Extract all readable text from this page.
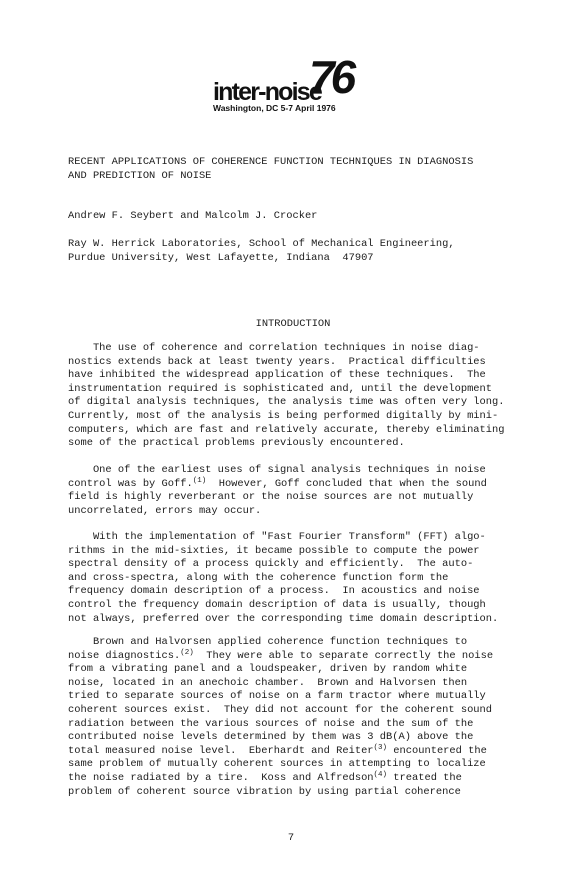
inter-noise
76
Washington, DC 5-7 April 1976
RECENT APPLICATIONS OF COHERENCE FUNCTION TECHNIQUES IN DIAGNOSIS
AND PREDICTION OF NOISE
Andrew F. Seybert and Malcolm J. Crocker
Ray W. Herrick Laboratories, School of Mechanical Engineering,
Purdue University, West Lafayette, Indiana  47907
INTRODUCTION
The use of coherence and correlation techniques in noise diag-
nostics extends back at least twenty years.  Practical difficulties
have inhibited the widespread application of these techniques.  The
instrumentation required is sophisticated and, until the development
of digital analysis techniques, the analysis time was often very long.
Currently, most of the analysis is being performed digitally by mini-
computers, which are fast and relatively accurate, thereby eliminating
some of the practical problems previously encountered.
One of the earliest uses of signal analysis techniques in noise
control was by Goff.$^{(1)}$  However, Goff concluded that when the sound
field is highly reverberant or the noise sources are not mutually
uncorrelated, errors may occur.
With the implementation of "Fast Fourier Transform" (FFT) algo-
rithms in the mid-sixties, it became possible to compute the power
spectral density of a process quickly and efficiently.  The auto-
and cross-spectra, along with the coherence function form the
frequency domain description of a process.  In acoustics and noise
control the frequency domain description of data is usually, though
not always, preferred over the corresponding time domain description.
Brown and Halvorsen applied coherence function techniques to
noise diagnostics.$^{(2)}$  They were able to separate correctly the noise
from a vibrating panel and a loudspeaker, driven by random white
noise, located in an anechoic chamber.  Brown and Halvorsen then
tried to separate sources of noise on a farm tractor where mutually
coherent sources exist.  They did not account for the coherent sound
radiation between the various sources of noise and the sum of the
contributed noise levels determined by them was 3 dB(A) above the
total measured noise level.  Eberhardt and Reiter$^{(3)}$ encountered the
same problem of mutually coherent sources in attempting to localize
the noise radiated by a tire.  Koss and Alfredson$^{(4)}$ treated the
problem of coherent source vibration by using partial coherence
7
